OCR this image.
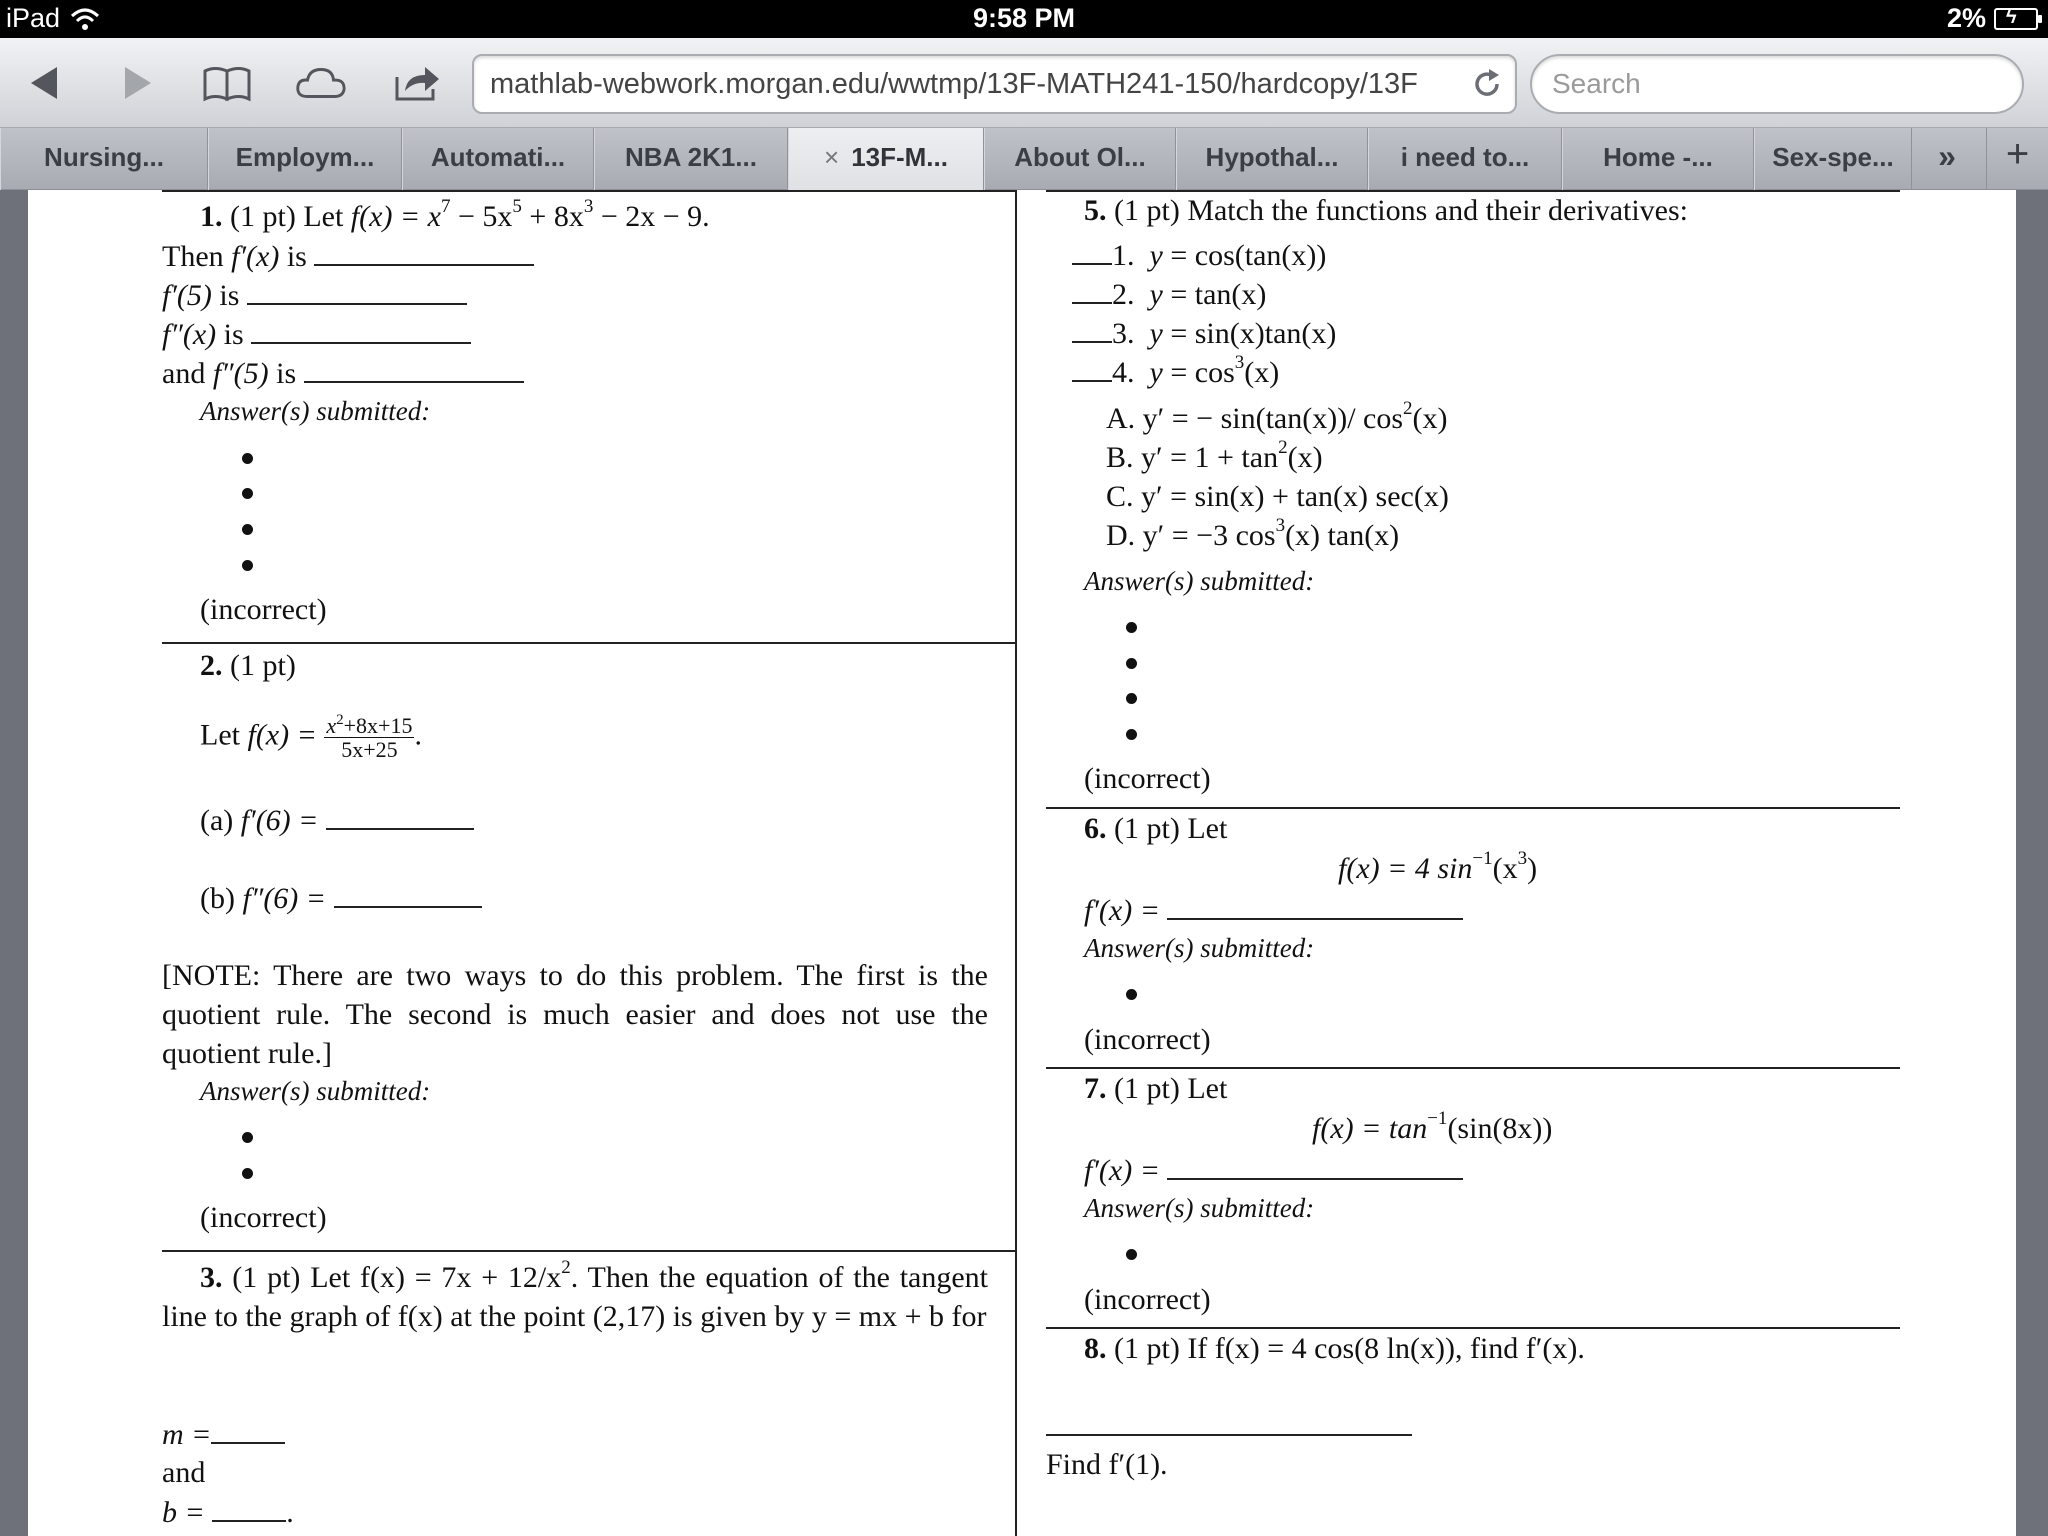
iPad	9:58 PM	2% ϟ
mathlab-webwork.morgan.edu/wwtmp/13F-MATH241-150/hardcopy/13F	Search
Nursing...	Employm...	Automati...	NBA 2K1...	× 13F-M...	About Ol...	Hypothal...	i need to...	Home -...	Sex-spe...	»	+
1. (1 pt) Let $f(x) = x^7 - 5x^5 + 8x^3 - 2x - 9$.
Then f′(x) is
f′(5) is
f″(x) is
and f″(5) is
Answer(s) submitted:
(incorrect)
2. (1 pt)
Let $f(x) = \frac{x^2+8x+15}{5x+25}$ .
(a) f′(6) =
(b) f″(6) =
[NOTE: There are two ways to do this problem. The first is the quotient rule. The second is much easier and does not use the quotient rule.]
Answer(s) submitted:
(incorrect)
3. (1 pt) Let $f(x) = 7x + 12/x^2$. Then the equation of the tangent line to the graph of f(x) at the point (2,17) is given by y = mx + b for
m =
and
b =	.
5. (1 pt) Match the functions and their derivatives:
1. y = cos(tan(x))
2. y = tan(x)
3. y = sin(x)tan(x)
4. $y = \cos^3(x)$
A. y′ = − sin(tan(x))/ $\cos^2(x)$
B. $y' = 1 + \tan^2(x)$
C. y′ = sin(x) + tan(x) sec(x)
D. y′ = −3 $\cos^3(x)$ tan(x)
Answer(s) submitted:
(incorrect)
6. (1 pt) Let
f(x) = 4 $\sin^{-1}(x^3)$
f′(x) =
Answer(s) submitted:
(incorrect)
7. (1 pt) Let
$f(x) = \tan^{-1}(\sin(8x))$
f′(x) =
Answer(s) submitted:
(incorrect)
8. (1 pt) If f(x) = 4 cos(8 ln(x)), find f′(x).
Find f′(1).
